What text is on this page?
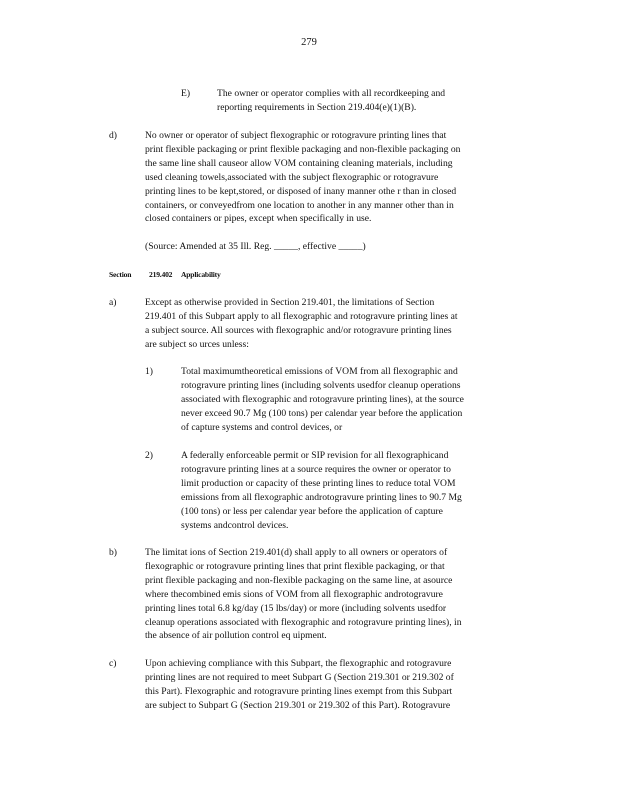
279
E)	The owner or operator complies with all recordkeeping and
reporting requirements in Section 219.404(e)(1)(B).
d)	No owner or operator of subject flexographic or rotogravure printing lines that
print flexible packaging or print flexible packaging and non-flexible packaging on
the same line shall causeor allow VOM containing cleaning materials, including
used cleaning towels,associated with the subject flexographic or rotogravure
printing lines to be kept,stored, or disposed of inany manner othe r than in closed
containers, or conveyedfrom one location to another in any manner other than in
closed containers or pipes, except when specifically in use.
(Source: Amended at 35 Ill. Reg. _____, effective _____)
Section 219.402 Applicability
a)	Except as otherwise provided in Section 219.401, the limitations of Section
219.401 of this Subpart apply to all flexographic and rotogravure printing lines at
a subject source. All sources with flexographic and/or rotogravure printing lines
are subject so urces unless:
1)	Total maximumtheoretical emissions of VOM from all flexographic and
rotogravure printing lines (including solvents usedfor cleanup operations
associated with flexographic and rotogravure printing lines), at the source
never exceed 90.7 Mg (100 tons) per calendar year before the application
of capture systems and control devices, or
2)	A federally enforceable permit or SIP revision for all flexographicand
rotogravure printing lines at a source requires the owner or operator to
limit production or capacity of these printing lines to reduce total VOM
emissions from all flexographic androtogravure printing lines to 90.7 Mg
(100 tons) or less per calendar year before the application of capture
systems andcontrol devices.
b)	The limitat ions of Section 219.401(d) shall apply to all owners or operators of
flexographic or rotogravure printing lines that print flexible packaging, or that
print flexible packaging and non-flexible packaging on the same line, at asource
where thecombined emis sions of VOM from all flexographic androtogravure
printing lines total 6.8 kg/day (15 lbs/day) or more (including solvents usedfor
cleanup operations associated with flexographic and rotogravure printing lines), in
the absence of air pollution control eq uipment.
c)	Upon achieving compliance with this Subpart, the flexographic and rotogravure
printing lines are not required to meet Subpart G (Section 219.301 or 219.302 of
this Part). Flexographic and rotogravure printing lines exempt from this Subpart
are subject to Subpart G (Section 219.301 or 219.302 of this Part). Rotogravure
